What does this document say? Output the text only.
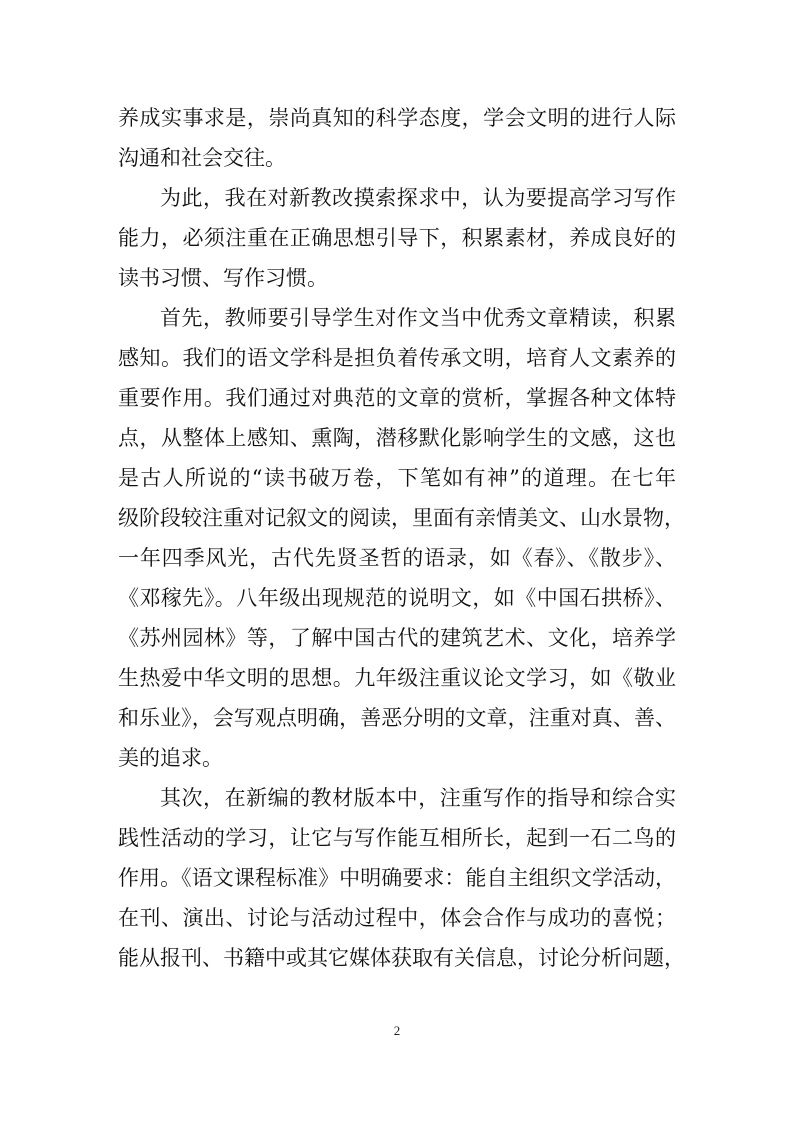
养成实事求是，崇尚真知的科学态度，学会文明的进行人际
沟通和社会交往。
为此，我在对新教改摸索探求中，认为要提高学习写作
能力，必须注重在正确思想引导下，积累素材，养成良好的
读书习惯、写作习惯。
首先，教师要引导学生对作文当中优秀文章精读，积累
感知。我们的语文学科是担负着传承文明，培育人文素养的
重要作用。我们通过对典范的文章的赏析，掌握各种文体特
点，从整体上感知、熏陶，潜移默化影响学生的文感，这也
是古人所说的“读书破万卷，下笔如有神”的道理。在七年
级阶段较注重对记叙文的阅读，里面有亲情美文、山水景物，
一年四季风光，古代先贤圣哲的语录，如《春》、《散步》、
《邓稼先》。八年级出现规范的说明文，如《中国石拱桥》、
《苏州园林》等，了解中国古代的建筑艺术、文化，培养学
生热爱中华文明的思想。九年级注重议论文学习，如《敬业
和乐业》，会写观点明确，善恶分明的文章，注重对真、善、
美的追求。
其次，在新编的教材版本中，注重写作的指导和综合实
践性活动的学习，让它与写作能互相所长，起到一石二鸟的
作用。《语文课程标准》中明确要求：能自主组织文学活动，
在刊、演出、讨论与活动过程中，体会合作与成功的喜悦；
能从报刊、书籍中或其它媒体获取有关信息，讨论分析问题，
2
